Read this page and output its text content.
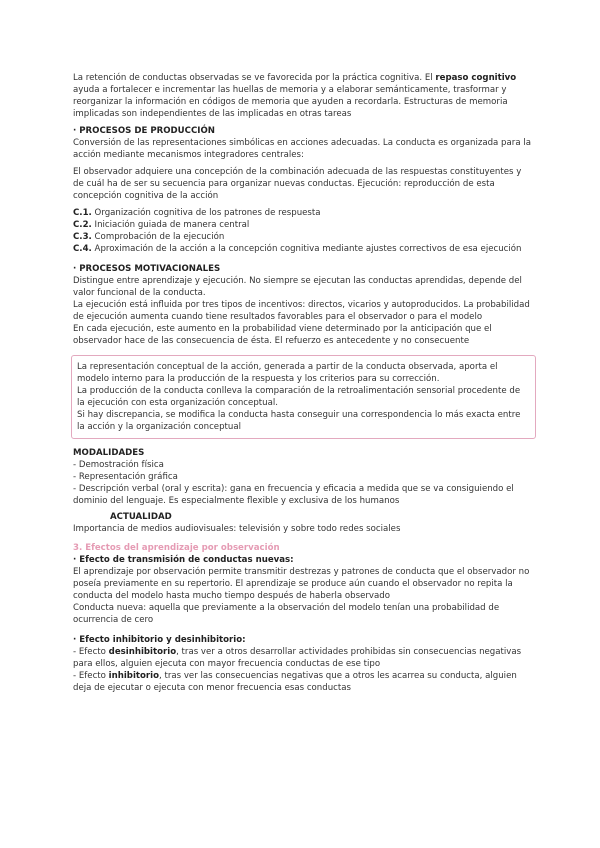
La retención de conductas observadas se ve favorecida por la práctica cognitiva. El repaso cognitivo ayuda a fortalecer e incrementar las huellas de memoria y a elaborar semánticamente, trasformar y reorganizar la información en códigos de memoria que ayuden a recordarla. Estructuras de memoria implicadas son independientes de las implicadas en otras tareas

· PROCESOS DE PRODUCCIÓN

Conversión de las representaciones simbólicas en acciones adecuadas. La conducta es organizada para la acción mediante mecanismos integradores centrales:

El observador adquiere una concepción de la combinación adecuada de las respuestas constituyentes y de cuál ha de ser su secuencia para organizar nuevas conductas. Ejecución: reproducción de esta concepción cognitiva de la acción

C.1. Organización cognitiva de los patrones de respuesta

C.2. Iniciación guiada de manera central

C.3. Comprobación de la ejecución

C.4. Aproximación de la acción a la concepción cognitiva mediante ajustes correctivos de esa ejecución

· PROCESOS MOTIVACIONALES

Distingue entre aprendizaje y ejecución. No siempre se ejecutan las conductas aprendidas, depende del valor funcional de la conducta.

La ejecución está influida por tres tipos de incentivos: directos, vicarios y autoproducidos. La probabilidad de ejecución aumenta cuando tiene resultados favorables para el observador o para el modelo

En cada ejecución, este aumento en la probabilidad viene determinado por la anticipación que el observador hace de las consecuencia de ésta. El refuerzo es antecedente y no consecuente

La representación conceptual de la acción, generada a partir de la conducta observada, aporta el modelo interno para la producción de la respuesta y los criterios para su corrección.

La producción de la conducta conlleva la comparación de la retroalimentación sensorial procedente de la ejecución con esta organización conceptual.

Si hay discrepancia, se modifica la conducta hasta conseguir una correspondencia lo más exacta entre la acción y la organización conceptual

MODALIDADES

- Demostración física

- Representación gráfica

- Descripción verbal (oral y escrita): gana en frecuencia y eficacia a medida que se va consiguiendo el dominio del lenguaje. Es especialmente flexible y exclusiva de los humanos

ACTUALIDAD

Importancia de medios audiovisuales: televisión y sobre todo redes sociales

3. Efectos del aprendizaje por observación

· Efecto de transmisión de conductas nuevas:

El aprendizaje por observación permite transmitir destrezas y patrones de conducta que el observador no poseía previamente en su repertorio. El aprendizaje se produce aún cuando el observador no repita la conducta del modelo hasta mucho tiempo después de haberla observado

Conducta nueva: aquella que previamente a la observación del modelo tenían una probabilidad de ocurrencia de cero

· Efecto inhibitorio y desinhibitorio:

- Efecto desinhibitorio, tras ver a otros desarrollar actividades prohibidas sin consecuencias negativas para ellos, alguien ejecuta con mayor frecuencia conductas de ese tipo

- Efecto inhibitorio, tras ver las consecuencias negativas que a otros les acarrea su conducta, alguien deja de ejecutar o ejecuta con menor frecuencia esas conductas
